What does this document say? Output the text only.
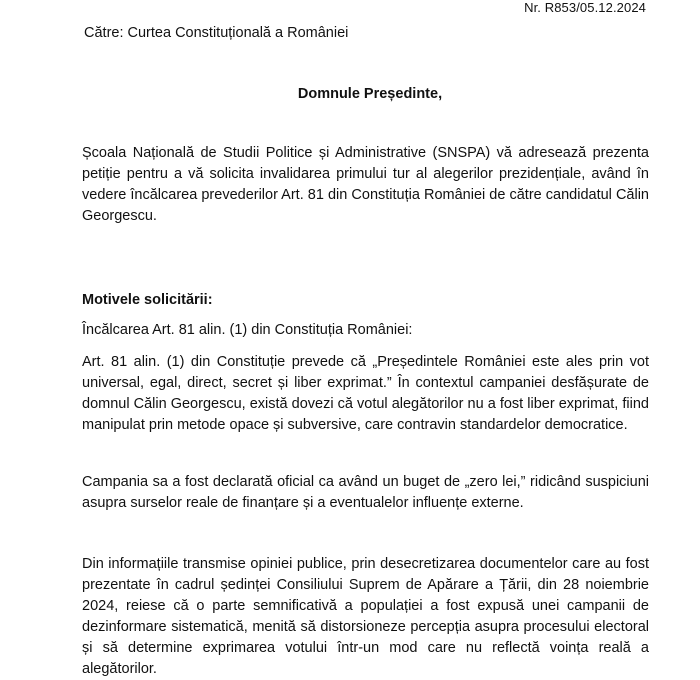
Nr. R853/05.12.2024
Către: Curtea Constituțională a României
Domnule Președinte,
Școala Națională de Studii Politice și Administrative (SNSPA) vă adresează prezenta petiție pentru a vă solicita invalidarea primului tur al alegerilor prezidențiale, având în vedere încălcarea prevederilor Art. 81 din Constituția României de către candidatul Călin Georgescu.
Motivele solicitării:
Încălcarea Art. 81 alin. (1) din Constituția României:
Art. 81 alin. (1) din Constituție prevede că „Președintele României este ales prin vot universal, egal, direct, secret și liber exprimat.” În contextul campaniei desfășurate de domnul Călin Georgescu, există dovezi că votul alegătorilor nu a fost liber exprimat, fiind manipulat prin metode opace și subversive, care contravin standardelor democratice.
Campania sa a fost declarată oficial ca având un buget de „zero lei,” ridicând suspiciuni asupra surselor reale de finanțare și a eventualelor influențe externe.
Din informațiile transmise opiniei publice, prin desecretizarea documentelor care au fost prezentate în cadrul ședinței Consiliului Suprem de Apărare a Țării, din 28 noiembrie 2024, reiese că o parte semnificativă a populației a fost expusă unei campanii de dezinformare sistematică, menită să distorsioneze percepția asupra procesului electoral și să determine exprimarea votului într-un mod care nu reflectă voința reală a alegătorilor.
